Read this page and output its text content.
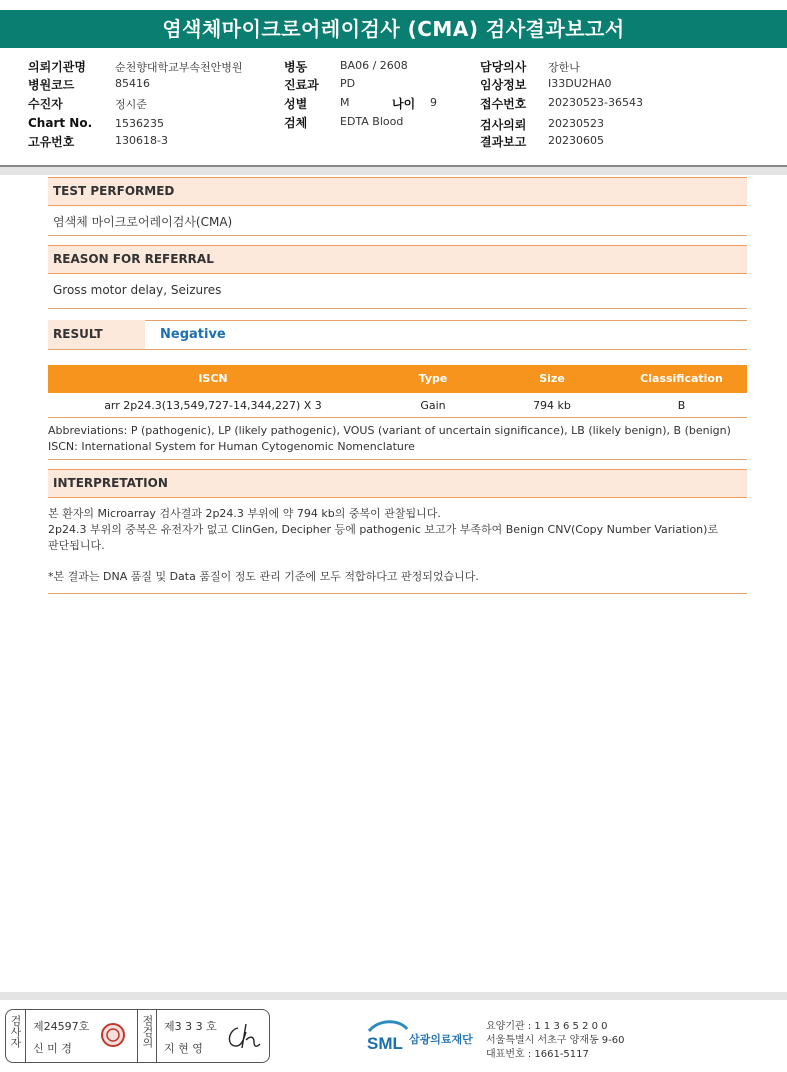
염색체마이크로어레이검사 (CMA) 검사결과보고서
의뢰기관명	순천향대학교부속천안병원
병원코드	85416
수진자	정시준
Chart No. 1536235
고유번호	130618-3
병동	BA06 / 2608
진료과 PD
성별	M	나이 9
검체	EDTA Blood
담당의사 장한나
임상정보 I33DU2HA0
접수번호 20230523-36543
검사의뢰 20230523
결과보고 20230605
TEST PERFORMED
염색체 마이크로어레이검사(CMA)
REASON FOR REFERRAL
Gross motor delay, Seizures
RESULT	Negative
ISCN	Type	Size	Classification
arr 2p24.3(13,549,727-14,344,227) X 3	Gain	794 kb	B
Abbreviations: P (pathogenic), LP (likely pathogenic), VOUS (variant of uncertain significance), LB (likely benign), B (benign)
ISCN: International System for Human Cytogenomic Nomenclature
INTERPRETATION
본 환자의 Microarray 검사결과 2p24.3 부위에 약 794 kb의 중복이 관찰됩니다.
2p24.3 부위의 중복은 유전자가 없고 ClinGen, Decipher 등에 pathogenic 보고가 부족하여 Benign CNV(Copy Number Variation)로
판단됩니다.
*본 결과는 DNA 품질 및 Data 품질이 정도 관리 기준에 모두 적합하다고 판정되었습니다.
검사자 제24597호
신 미 경
점검의 제3 3 3 호
지 현 영	SML 삼광의료재단
요양기관 : 1 1 3 6 5 2 0 0
서울특별시 서초구 양재동 9-60
대표번호 : 1661-5117
